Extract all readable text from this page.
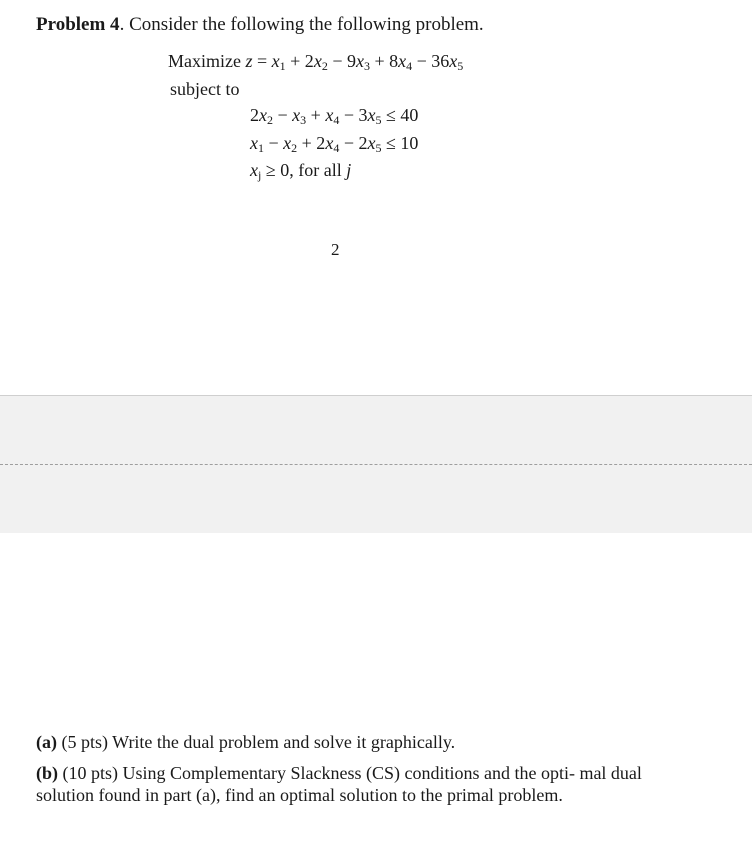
Problem 4. Consider the following the following problem.
Maximize $z = x_1 + 2x_2 - 9x_3 + 8x_4 - 36x_5$
subject to
$2x_2 - x_3 + x_4 - 3x_5 \le 40$
$x_1 - x_2 + 2x_4 - 2x_5 \le 10$
$x_j \ge 0$, for all j
2
(a) (5 pts) Write the dual problem and solve it graphically.
(b) (10 pts) Using Complementary Slackness (CS) conditions and the opti- mal dual solution found in part (a), find an optimal solution to the primal problem.
